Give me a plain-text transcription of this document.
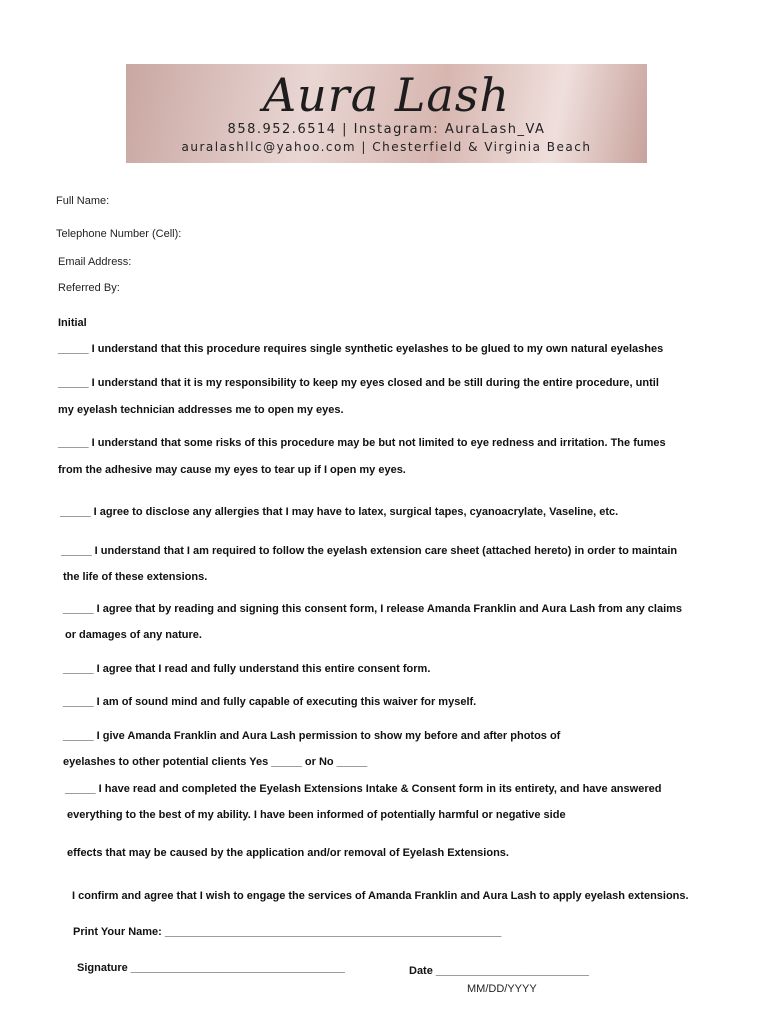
Aura Lash
858.952.6514 | Instagram: AuraLash_VA
auralashllc@yahoo.com | Chesterfield & Virginia Beach
Full Name:
Telephone Number (Cell):
Email Address:
Referred By:
Initial
_____ I understand that this procedure requires single synthetic eyelashes to be glued to my own natural eyelashes
_____ I understand that it is my responsibility to keep my eyes closed and be still during the entire procedure, until
my eyelash technician addresses me to open my eyes.
_____ I understand that some risks of this procedure may be but not limited to eye redness and irritation. The fumes
from the adhesive may cause my eyes to tear up if I open my eyes.
_____ I agree to disclose any allergies that I may have to latex, surgical tapes, cyanoacrylate, Vaseline, etc.
_____ I understand that I am required to follow the eyelash extension care sheet (attached hereto) in order to maintain
the life of these extensions.
_____ I agree that by reading and signing this consent form, I release Amanda Franklin and Aura Lash from any claims
or damages of any nature.
_____ I agree that I read and fully understand this entire consent form.
_____ I am of sound mind and fully capable of executing this waiver for myself.
_____ I give Amanda Franklin and Aura Lash permission to show my before and after photos of
eyelashes to other potential clients Yes _____ or No _____
_____ I have read and completed the Eyelash Extensions Intake & Consent form in its entirety, and have answered
everything to the best of my ability. I have been informed of potentially harmful or negative side
effects that may be caused by the application and/or removal of Eyelash Extensions.
I confirm and agree that I wish to engage the services of Amanda Franklin and Aura Lash to apply eyelash extensions.
Print Your Name: _______________________________________________________
Signature ___________________________________	Date _________________________
MM/DD/YYYY
